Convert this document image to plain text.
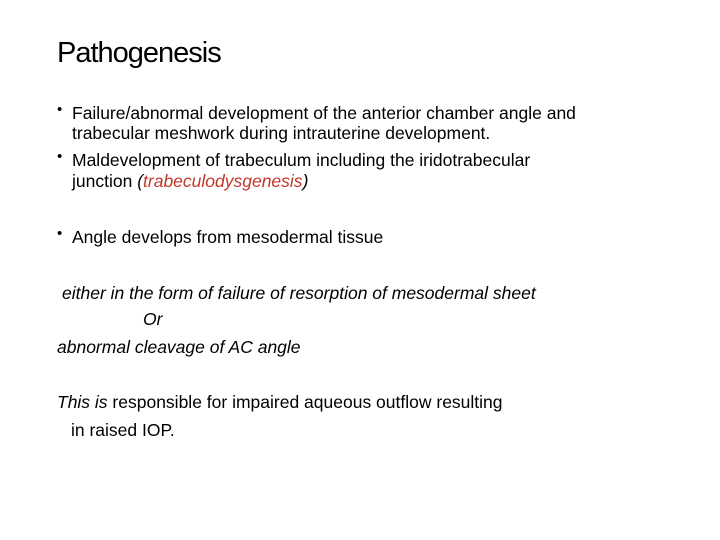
Pathogenesis
• Failure/abnormal development of the anterior chamber angle and
trabecular meshwork during intrauterine development.
• Maldevelopment of trabeculum including the iridotrabecular
junction (trabeculodysgenesis)
• Angle develops from mesodermal tissue
either in the form of failure of resorption of mesodermal sheet
Or
abnormal cleavage of AC angle
This is responsible for impaired aqueous outflow resulting
in raised IOP.
